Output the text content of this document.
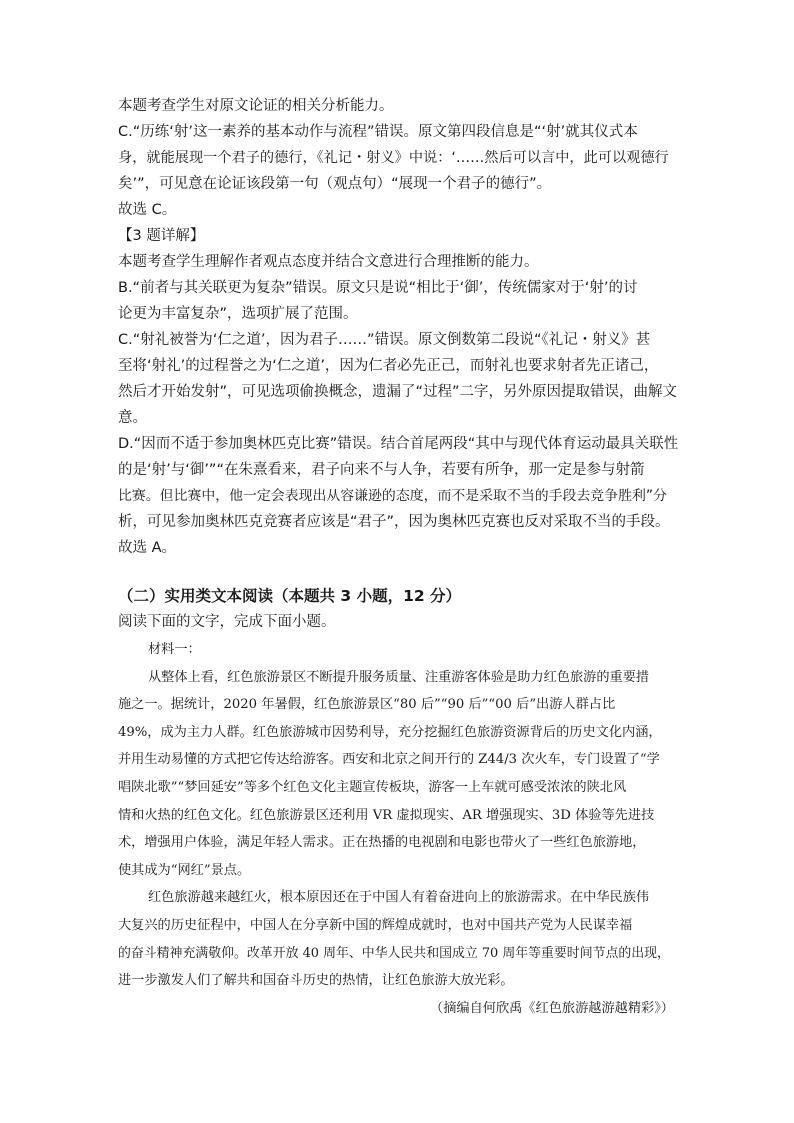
本题考查学生对原文论证的相关分析能力。
C.“历练‘射’这一素养的基本动作与流程”错误。原文第四段信息是“‘射’就其仪式本
身，就能展现一个君子的德行，《礼记・射义》中说：‘……然后可以言中，此可以观德行
矣’”，可见意在论证该段第一句（观点句）“展现一个君子的德行”。
故选 C。
【3 题详解】
本题考查学生理解作者观点态度并结合文意进行合理推断的能力。
B.“前者与其关联更为复杂”错误。原文只是说“相比于‘御’，传统儒家对于‘射’的讨
论更为丰富复杂”，选项扩展了范围。
C.“射礼被誉为‘仁之道’，因为君子……”错误。原文倒数第二段说“《礼记・射义》甚
至将‘射礼’的过程誉之为‘仁之道’，因为仁者必先正己，而射礼也要求射者先正诸己，
然后才开始发射”，可见选项偷换概念，遗漏了“过程”二字，另外原因提取错误，曲解文
意。
D.“因而不适于参加奥林匹克比赛”错误。结合首尾两段“其中与现代体育运动最具关联性
的是‘射’与‘御’”“在朱熹看来，君子向来不与人争，若要有所争，那一定是参与射箭
比赛。但比赛中，他一定会表现出从容谦逊的态度，而不是采取不当的手段去竞争胜利”分
析，可见参加奥林匹克竞赛者应该是“君子”，因为奥林匹克赛也反对采取不当的手段。
故选 A。
（二）实用类文本阅读（本题共 3 小题，12 分）
阅读下面的文字，完成下面小题。
材料一：
从整体上看，红色旅游景区不断提升服务质量、注重游客体验是助力红色旅游的重要措
施之一。据统计，2020 年暑假，红色旅游景区“80 后”“90 后”“00 后”出游人群占比
49%，成为主力人群。红色旅游城市因势利导，充分挖掘红色旅游资源背后的历史文化内涵，
并用生动易懂的方式把它传达给游客。西安和北京之间开行的 Z44/3 次火车，专门设置了“学
唱陕北歌”“梦回延安”等多个红色文化主题宣传板块，游客一上车就可感受浓浓的陕北风
情和火热的红色文化。红色旅游景区还利用 VR 虚拟现实、AR 增强现实、3D 体验等先进技
术，增强用户体验，满足年轻人需求。正在热播的电视剧和电影也带火了一些红色旅游地，
使其成为“网红”景点。
红色旅游越来越红火，根本原因还在于中国人有着奋进向上的旅游需求。在中华民族伟
大复兴的历史征程中，中国人在分享新中国的辉煌成就时，也对中国共产党为人民谋幸福
的奋斗精神充满敬仰。改革开放 40 周年、中华人民共和国成立 70 周年等重要时间节点的出现，
进一步激发人们了解共和国奋斗历史的热情，让红色旅游大放光彩。
（摘编自何欣禹《红色旅游越游越精彩》）
